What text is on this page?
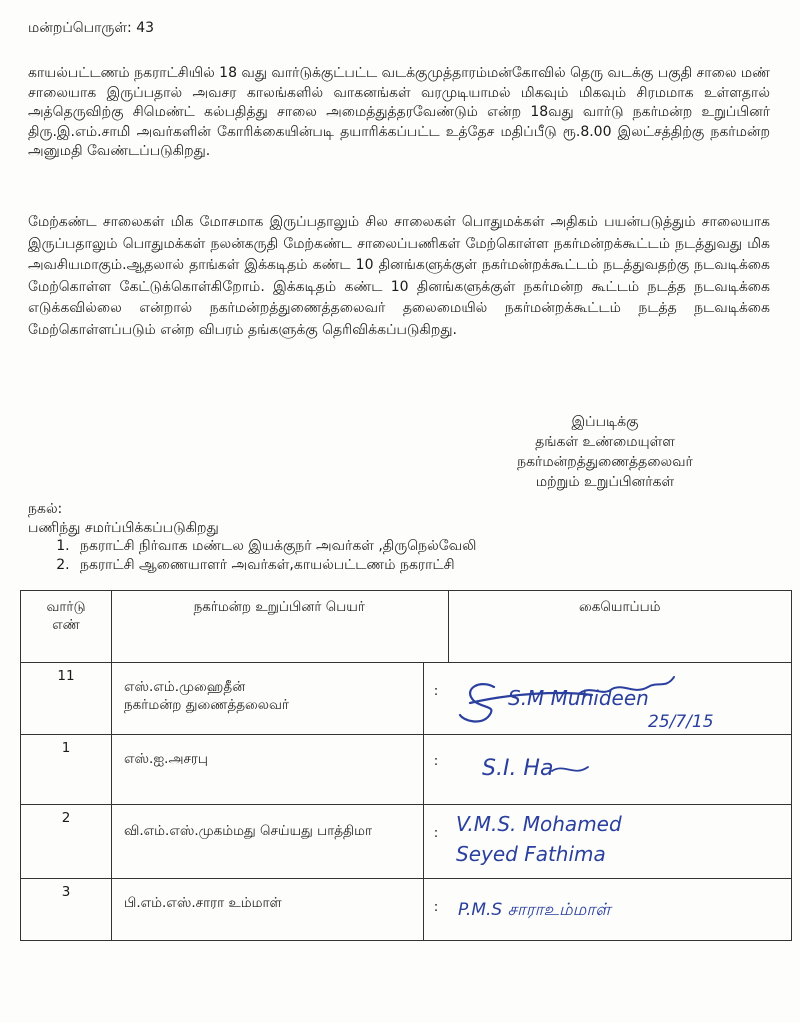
மன்றப்பொருள்: 43
காயல்பட்டணம் நகராட்சியில் 18 வது வார்டுக்குட்பட்ட வடக்குமுத்தாரம்மன்கோவில் தெரு வடக்கு பகுதி சாலை மண் சாலையாக இருப்பதால் அவசர காலங்களில் வாகனங்கள் வரமுடியாமல் மிகவும் மிகவும் சிரமமாக உள்ளதால் அத்தெருவிற்கு சிமெண்ட் கல்பதித்து சாலை அமைத்துத்தரவேண்டும் என்ற 18வது வார்டு நகர்மன்ற உறுப்பினர் திரு.இ.எம்.சாமி அவர்களின் கோரிக்கையின்படி தயாரிக்கப்பட்ட உத்தேச மதிப்பீடு ரூ.8.00 இலட்சத்திற்கு நகர்மன்ற அனுமதி வேண்டப்படுகிறது.
மேற்கண்ட சாலைகள் மிக மோசமாக இருப்பதாலும் சில சாலைகள் பொதுமக்கள் அதிகம் பயன்படுத்தும் சாலையாக இருப்பதாலும் பொதுமக்கள் நலன்கருதி மேற்கண்ட சாலைப்பணிகள் மேற்கொள்ள நகர்மன்றக்கூட்டம் நடத்துவது மிக அவசியமாகும்.ஆதலால் தாங்கள் இக்கடிதம் கண்ட 10 தினங்களுக்குள் நகர்மன்றக்கூட்டம் நடத்துவதற்கு நடவடிக்கை மேற்கொள்ள கேட்டுக்கொள்கிறோம். இக்கடிதம் கண்ட 10 தினங்களுக்குள் நகர்மன்ற கூட்டம் நடத்த நடவடிக்கை எடுக்கவில்லை என்றால் நகர்மன்றத்துணைத்தலைவர் தலைமையில் நகர்மன்றக்கூட்டம் நடத்த நடவடிக்கை மேற்கொள்ளப்படும் என்ற விபரம் தங்களுக்கு தெரிவிக்கப்படுகிறது.
இப்படிக்கு
தங்கள் உண்மையுள்ள
நகர்மன்றத்துணைத்தலைவர்
மற்றும் உறுப்பினர்கள்
நகல்:
பணிந்து சமர்ப்பிக்கப்படுகிறது
1. நகராட்சி நிர்வாக மண்டல இயக்குநர் அவர்கள் ,திருநெல்வேலி
2. நகராட்சி ஆணையாளர் அவர்கள்,காயல்பட்டணம் நகராட்சி
வார்டு
எண்	நகர்மன்ற உறுப்பினர் பெயர்		கையொப்பம்

11	எஸ்.எம்.முஹைதீன்
நகர்மன்ற துணைத்தலைவர்	:	S.M Muhideen
25/7/15

1	எஸ்.ஐ.அசரபு	:	S.I. Ha

2	வி.எம்.எஸ்.முகம்மது செய்யது பாத்திமா	:	V.M.S. Mohamed Seyed Fathima

3	பி.எம்.எஸ்.சாரா உம்மாள்	:	P.M.S சாராஉம்மாள்
